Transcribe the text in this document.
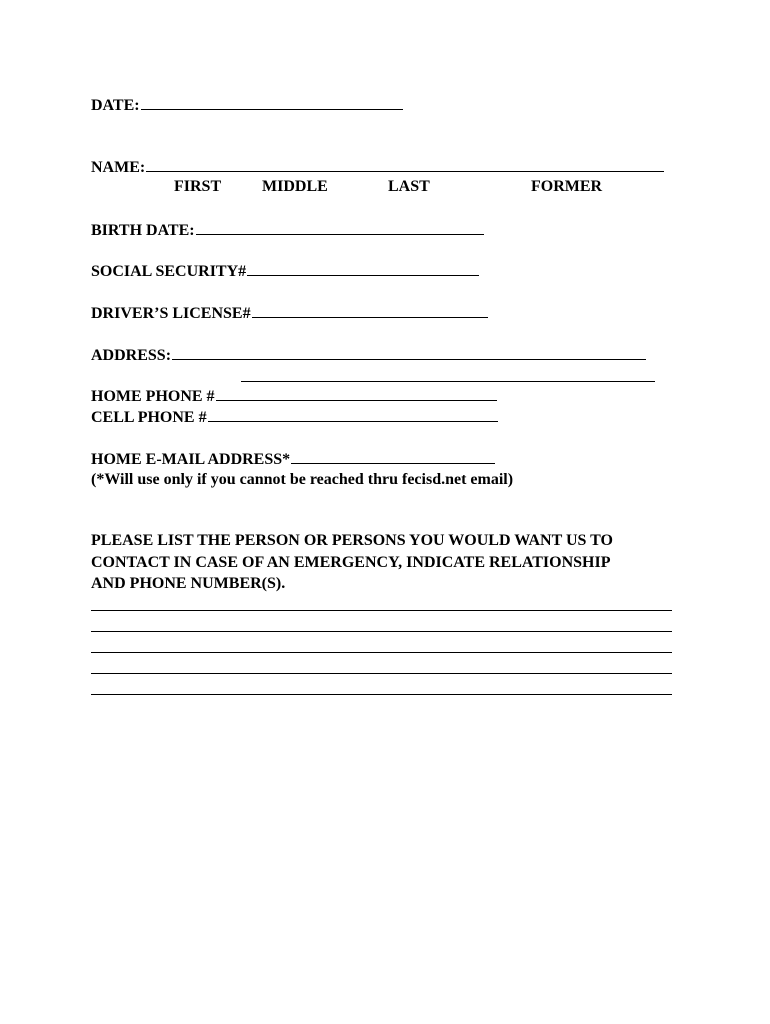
DATE:
NAME:
FIRST	MIDDLE	LAST	FORMER
BIRTH DATE:
SOCIAL SECURITY#
DRIVER’S LICENSE#
ADDRESS:
HOME PHONE #
CELL PHONE #
HOME E-MAIL ADDRESS*
(*Will use only if you cannot be reached thru fecisd.net email)
PLEASE LIST THE PERSON OR PERSONS YOU WOULD WANT US TO
CONTACT IN CASE OF AN EMERGENCY, INDICATE RELATIONSHIP
AND PHONE NUMBER(S).
